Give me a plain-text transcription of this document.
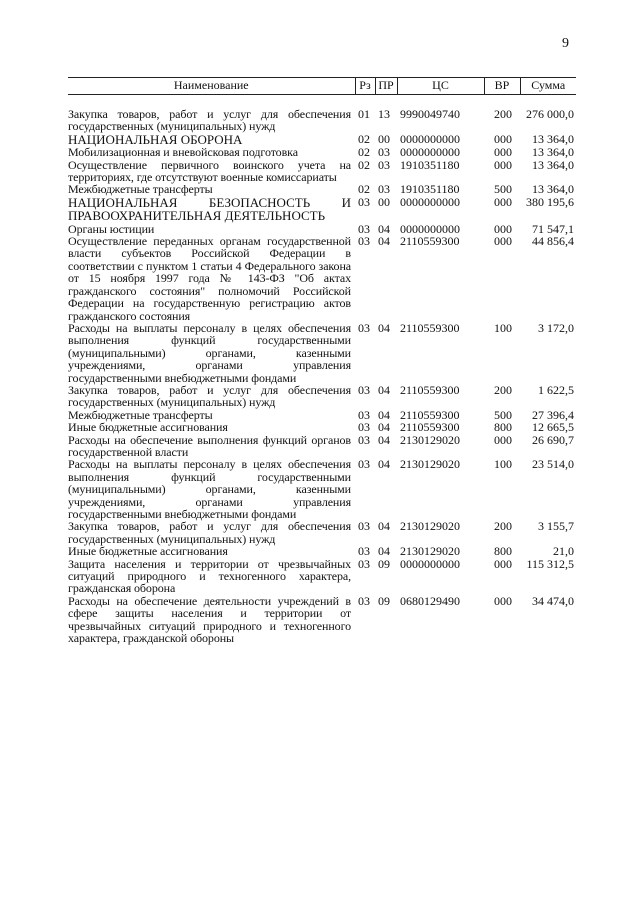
9
Наименование	Рз	ПР	ЦС	ВР	Сумма
Закупка товаров, работ и услуг для обеспечения государственных (муниципальных) нужд	01	13	9990049740	200	276 000,0
НАЦИОНАЛЬНАЯ ОБОРОНА	02	00	0000000000	000	13 364,0
Мобилизационная и вневойсковая подготовка	02	03	0000000000	000	13 364,0
Осуществление первичного воинского учета на территориях, где отсутствуют военные комиссариаты	02	03	1910351180	000	13 364,0
Межбюджетные трансферты	02	03	1910351180	500	13 364,0
НАЦИОНАЛЬНАЯ БЕЗОПАСНОСТЬ И ПРАВООХРАНИТЕЛЬНАЯ ДЕЯТЕЛЬНОСТЬ	03	00	0000000000	000	380 195,6
Органы юстиции	03	04	0000000000	000	71 547,1
Осуществление переданных органам государственной власти субъектов Российской Федерации в соответствии с пунктом 1 статьи 4 Федерального закона от 15 ноября 1997 года № 143-ФЗ "Об актах гражданского состояния" полномочий Российской Федерации на государственную регистрацию актов гражданского состояния	03	04	2110559300	000	44 856,4
Расходы на выплаты персоналу в целях обеспечения выполнения функций государственными (муниципальными) органами, казенными учреждениями, органами управления государственными внебюджетными фондами	03	04	2110559300	100	3 172,0
Закупка товаров, работ и услуг для обеспечения государственных (муниципальных) нужд	03	04	2110559300	200	1 622,5
Межбюджетные трансферты	03	04	2110559300	500	27 396,4
Иные бюджетные ассигнования	03	04	2110559300	800	12 665,5
Расходы на обеспечение выполнения функций органов государственной власти	03	04	2130129020	000	26 690,7
Расходы на выплаты персоналу в целях обеспечения выполнения функций государственными (муниципальными) органами, казенными учреждениями, органами управления государственными внебюджетными фондами	03	04	2130129020	100	23 514,0
Закупка товаров, работ и услуг для обеспечения государственных (муниципальных) нужд	03	04	2130129020	200	3 155,7
Иные бюджетные ассигнования	03	04	2130129020	800	21,0
Защита населения и территории от чрезвычайных ситуаций природного и техногенного характера, гражданская оборона	03	09	0000000000	000	115 312,5
Расходы на обеспечение деятельности учреждений в сфере защиты населения и территории от чрезвычайных ситуаций природного и техногенного характера, гражданской обороны	03	09	0680129490	000	34 474,0
